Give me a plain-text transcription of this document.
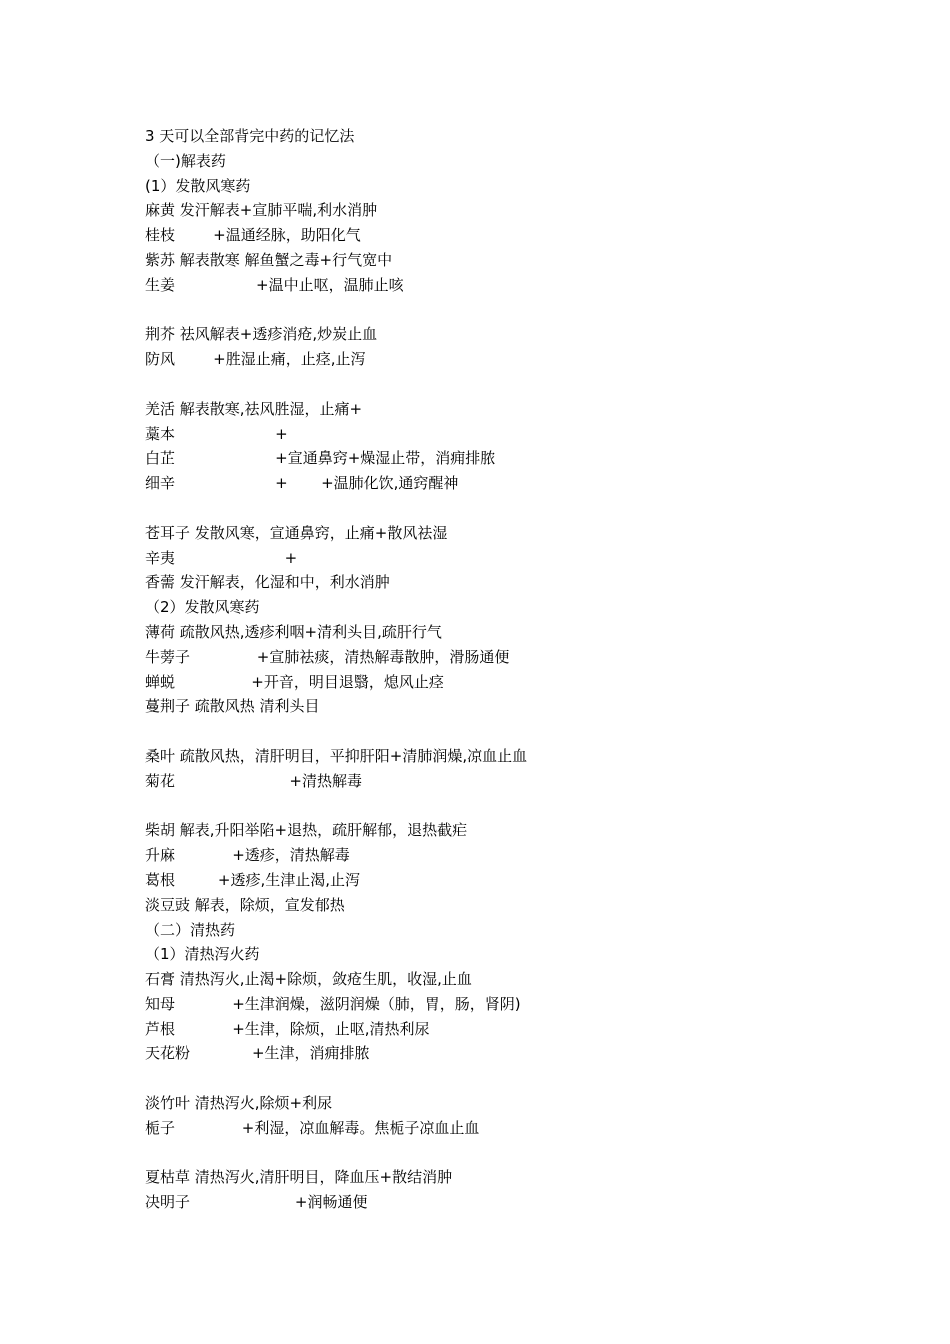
3 天可以全部背完中药的记忆法
（一)解表药
(1）发散风寒药
麻黄 发汗解表+宣肺平喘,利水消肿
桂枝        +温通经脉，助阳化气
紫苏 解表散寒 解鱼蟹之毒+行气宽中
生姜                 +温中止呕，温肺止咳
荆芥 祛风解表+透疹消疮,炒炭止血
防风        +胜湿止痛，止痉,止泻
羌活 解表散寒,祛风胜湿，止痛+
藁本                     +
白芷                     +宣通鼻窍+燥湿止带，消痈排脓
细辛                     +       +温肺化饮,通窍醒神
苍耳子 发散风寒，宣通鼻窍，止痛+散风祛湿
辛夷                       +
香薷 发汗解表，化湿和中，利水消肿
（2）发散风寒药
薄荷 疏散风热,透疹利咽+清利头目,疏肝行气
牛蒡子              +宣肺祛痰，清热解毒散肿，滑肠通便
蝉蜕                +开音，明目退翳，熄风止痉
蔓荆子 疏散风热 清利头目
桑叶 疏散风热，清肝明目，平抑肝阳+清肺润燥,凉血止血
菊花                        +清热解毒
柴胡 解表,升阳举陷+退热，疏肝解郁，退热截疟
升麻            +透疹，清热解毒
葛根         +透疹,生津止渴,止泻
淡豆豉 解表，除烦，宣发郁热
（二）清热药
（1）清热泻火药
石膏 清热泻火,止渴+除烦，敛疮生肌，收湿,止血
知母            +生津润燥，滋阴润燥（肺，胃，肠，肾阴)
芦根            +生津，除烦，止呕,清热利尿
天花粉             +生津，消痈排脓
淡竹叶 清热泻火,除烦+利尿
栀子              +利湿，凉血解毒。焦栀子凉血止血
夏枯草 清热泻火,清肝明目，降血压+散结消肿
决明子                      +润畅通便
